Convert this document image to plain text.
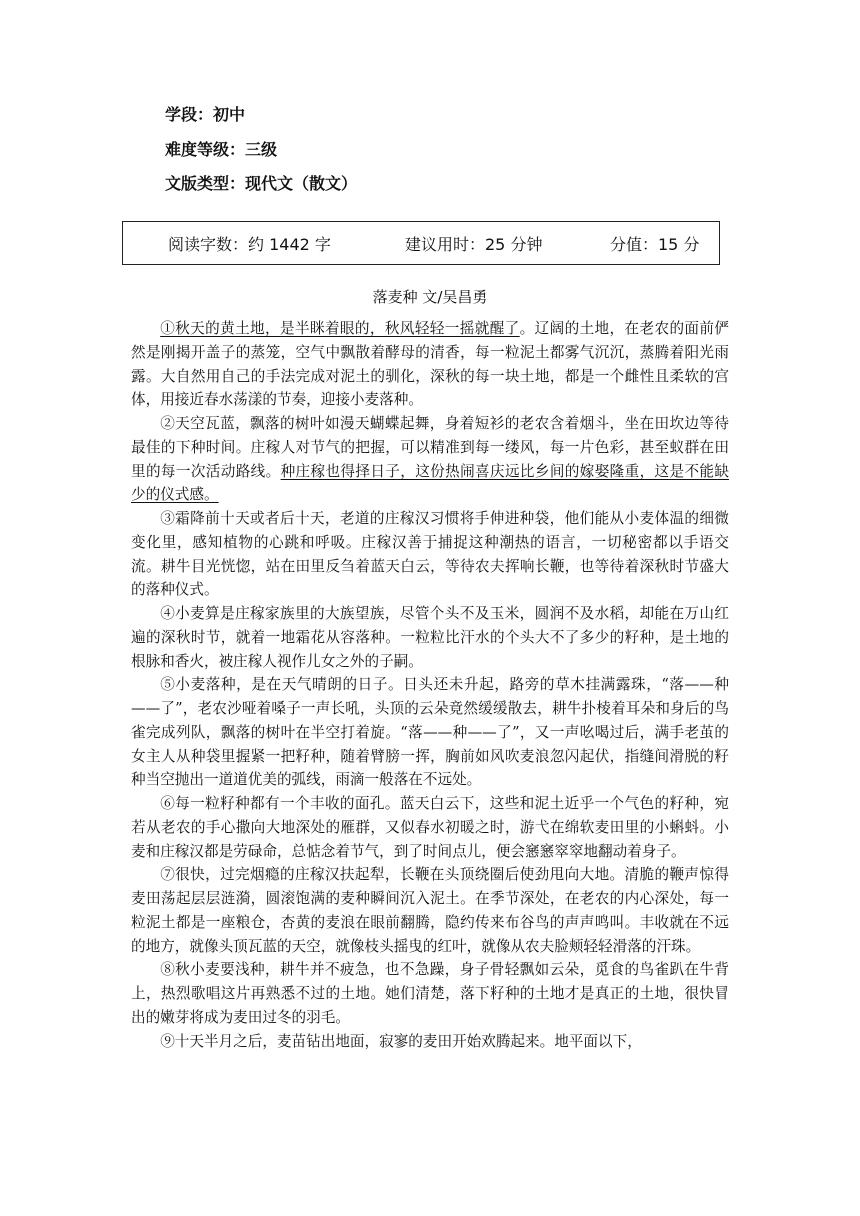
学段：初中
难度等级：三级
文版类型：现代文（散文）
阅读字数：约 1442 字	建议用时：25 分钟	分值：15 分
落麦种 文/吴昌勇

①秋天的黄土地，是半眯着眼的，秋风轻轻一摇就醒了。辽阔的土地，在老农的面前俨然是刚揭开盖子的蒸笼，空气中飘散着酵母的清香，每一粒泥土都雾气沉沉，蒸腾着阳光雨露。大自然用自己的手法完成对泥土的驯化，深秋的每一块土地，都是一个雌性且柔软的宫体，用接近春水荡漾的节奏，迎接小麦落种。

②天空瓦蓝，飘落的树叶如漫天蝴蝶起舞，身着短衫的老农含着烟斗，坐在田坎边等待最佳的下种时间。庄稼人对节气的把握，可以精准到每一缕风，每一片色彩，甚至蚁群在田里的每一次活动路线。种庄稼也得择日子，这份热闹喜庆远比乡间的嫁娶隆重，这是不能缺少的仪式感。

③霜降前十天或者后十天，老道的庄稼汉习惯将手伸进种袋，他们能从小麦体温的细微变化里，感知植物的心跳和呼吸。庄稼汉善于捕捉这种潮热的语言，一切秘密都以手语交流。耕牛目光恍惚，站在田里反刍着蓝天白云，等待农夫挥响长鞭，也等待着深秋时节盛大的落种仪式。

④小麦算是庄稼家族里的大族望族，尽管个头不及玉米，圆润不及水稻，却能在万山红遍的深秋时节，就着一地霜花从容落种。一粒粒比汗水的个头大不了多少的籽种，是土地的根脉和香火，被庄稼人视作儿女之外的子嗣。

⑤小麦落种，是在天气晴朗的日子。日头还未升起，路旁的草木挂满露珠，“落——种——了”，老农沙哑着嗓子一声长吼，头顶的云朵竟然缓缓散去，耕牛扑棱着耳朵和身后的鸟雀完成列队，飘落的树叶在半空打着旋。“落——种——了”，又一声吆喝过后，满手老茧的女主人从种袋里握紧一把籽种，随着臂膀一挥，胸前如风吹麦浪忽闪起伏，指缝间滑脱的籽种当空抛出一道道优美的弧线，雨滴一般落在不远处。

⑥每一粒籽种都有一个丰收的面孔。蓝天白云下，这些和泥土近乎一个气色的籽种，宛若从老农的手心撒向大地深处的雁群，又似春水初暖之时，游弋在绵软麦田里的小蝌蚪。小麦和庄稼汉都是劳碌命，总惦念着节气，到了时间点儿，便会窸窸窣窣地翻动着身子。

⑦很快，过完烟瘾的庄稼汉扶起犁，长鞭在头顶绕圈后使劲甩向大地。清脆的鞭声惊得麦田荡起层层涟漪，圆滚饱满的麦种瞬间沉入泥土。在季节深处，在老农的内心深处，每一粒泥土都是一座粮仓，杏黄的麦浪在眼前翻腾，隐约传来布谷鸟的声声鸣叫。丰收就在不远的地方，就像头顶瓦蓝的天空，就像枝头摇曳的红叶，就像从农夫脸颊轻轻滑落的汗珠。

⑧秋小麦要浅种，耕牛并不疲急，也不急躁，身子骨轻飘如云朵，觅食的鸟雀趴在牛背上，热烈歌唱这片再熟悉不过的土地。她们清楚，落下籽种的土地才是真正的土地，很快冒出的嫩芽将成为麦田过冬的羽毛。

⑨十天半月之后，麦苗钻出地面，寂寥的麦田开始欢腾起来。地平面以下，
